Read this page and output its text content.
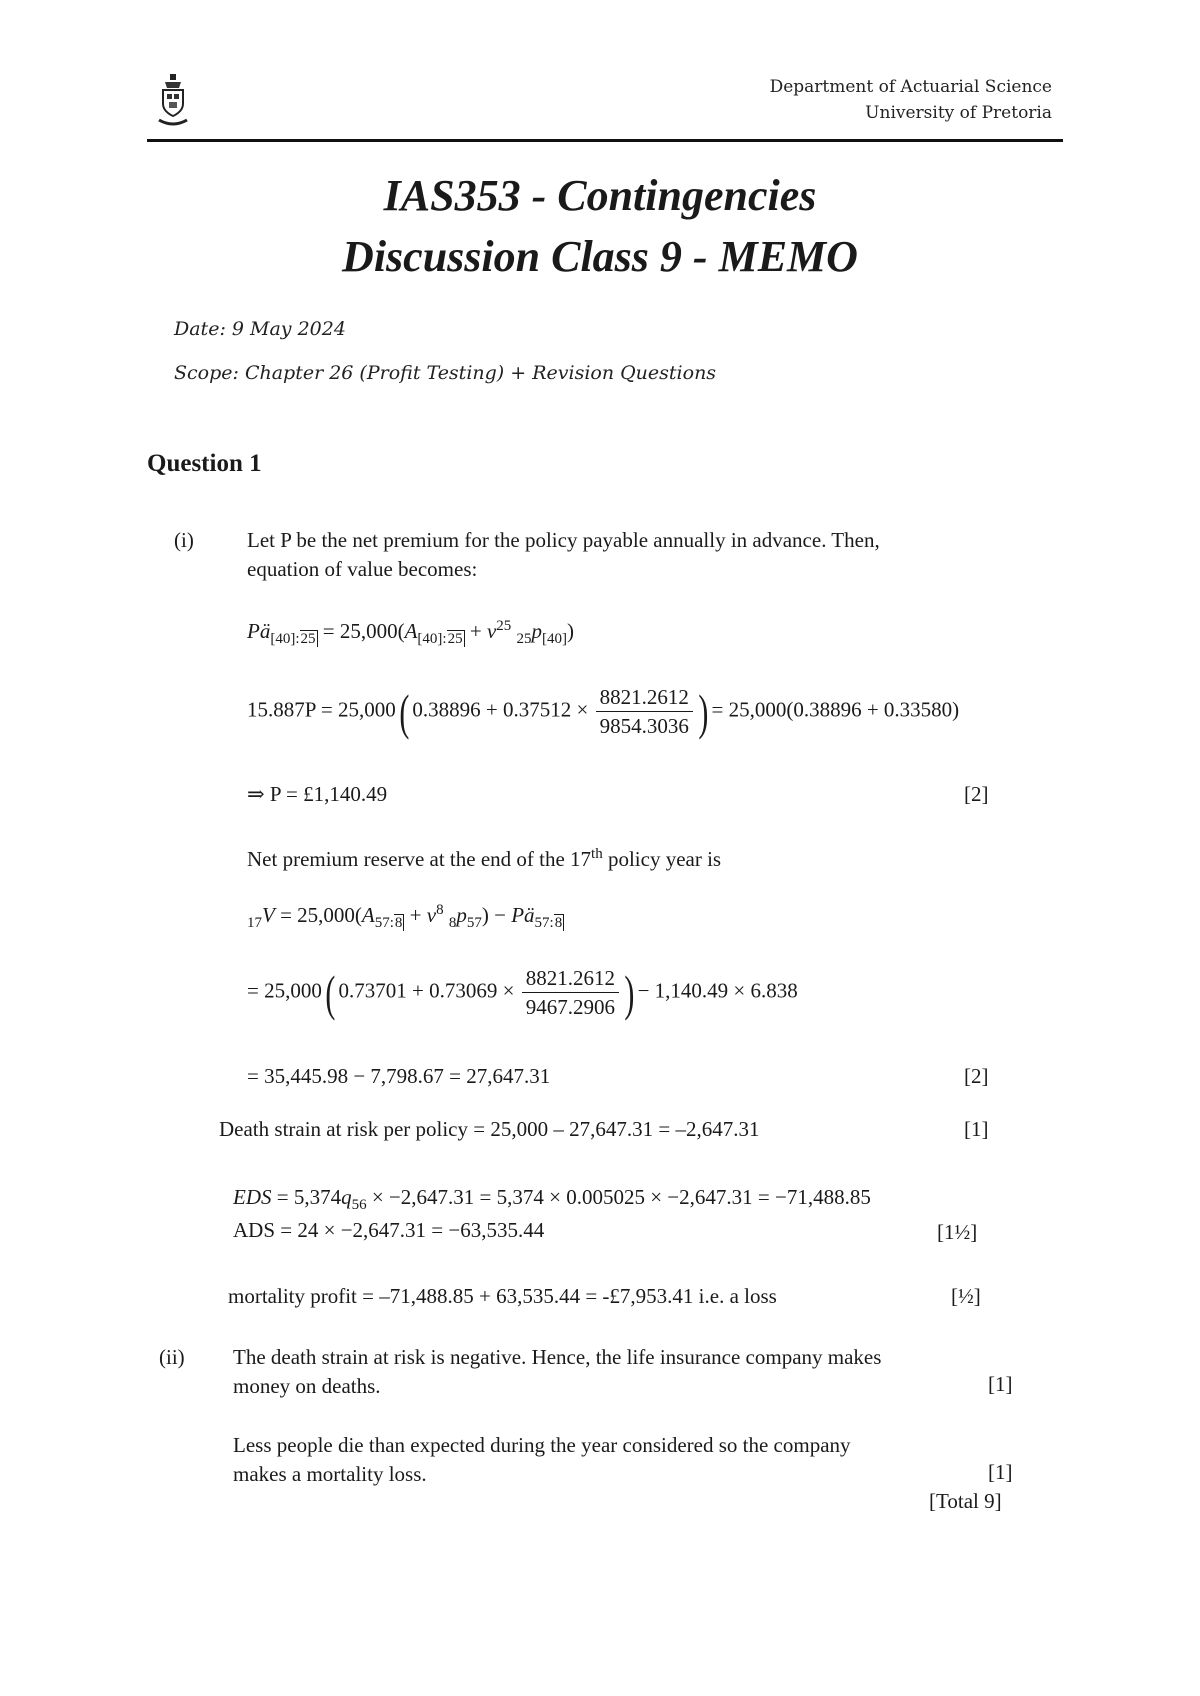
Department of Actuarial Science
University of Pretoria
IAS353 - Contingencies
Discussion Class 9 - MEMO
Date: 9 May 2024
Scope: Chapter 26 (Profit Testing) + Revision Questions
Question 1
(i)	Let P be the net premium for the policy payable annually in advance. Then,
equation of value becomes:
$Pä_{[40]:25} = 25,000(A_{[40]:25} + v^{25}$ $_{25}p_{[40]}$)
15.887P = 25,000( $0.38896 + 0.37512 \times \frac{8821.2612}{9854.3036}$ ) = 25,000(0.38896 + 0.33580)
⇒ P = £1,140.49	[2]
Net premium reserve at the end of the 17th policy year is
$_{17}V = 25,000(A_{57:8} + v^8$ $_8p_{57}$) − $Pä_{57:8}$
= 25,000( $0.73701 + 0.73069 \times \frac{8821.2612}{9467.2906}$ ) − 1,140.49 × 6.838
= 35,445.98 − 7,798.67 = 27,647.31	[2]
Death strain at risk per policy = 25,000 – 27,647.31 = –2,647.31	[1]
EDS = $5,374q_{56} \times -2,647.31 = 5,374 \times 0.005025 \times -2,647.31 = -71,488.85$
ADS = 24 × −2,647.31 = −63,535.44	[1½]
mortality profit = –71,488.85 + 63,535.44 = -£7,953.41 i.e. a loss	[½]
(ii) The death strain at risk is negative. Hence, the life insurance company makes
money on deaths.	[1]
Less people die than expected during the year considered so the company
makes a mortality loss.	[1]
[Total 9]
